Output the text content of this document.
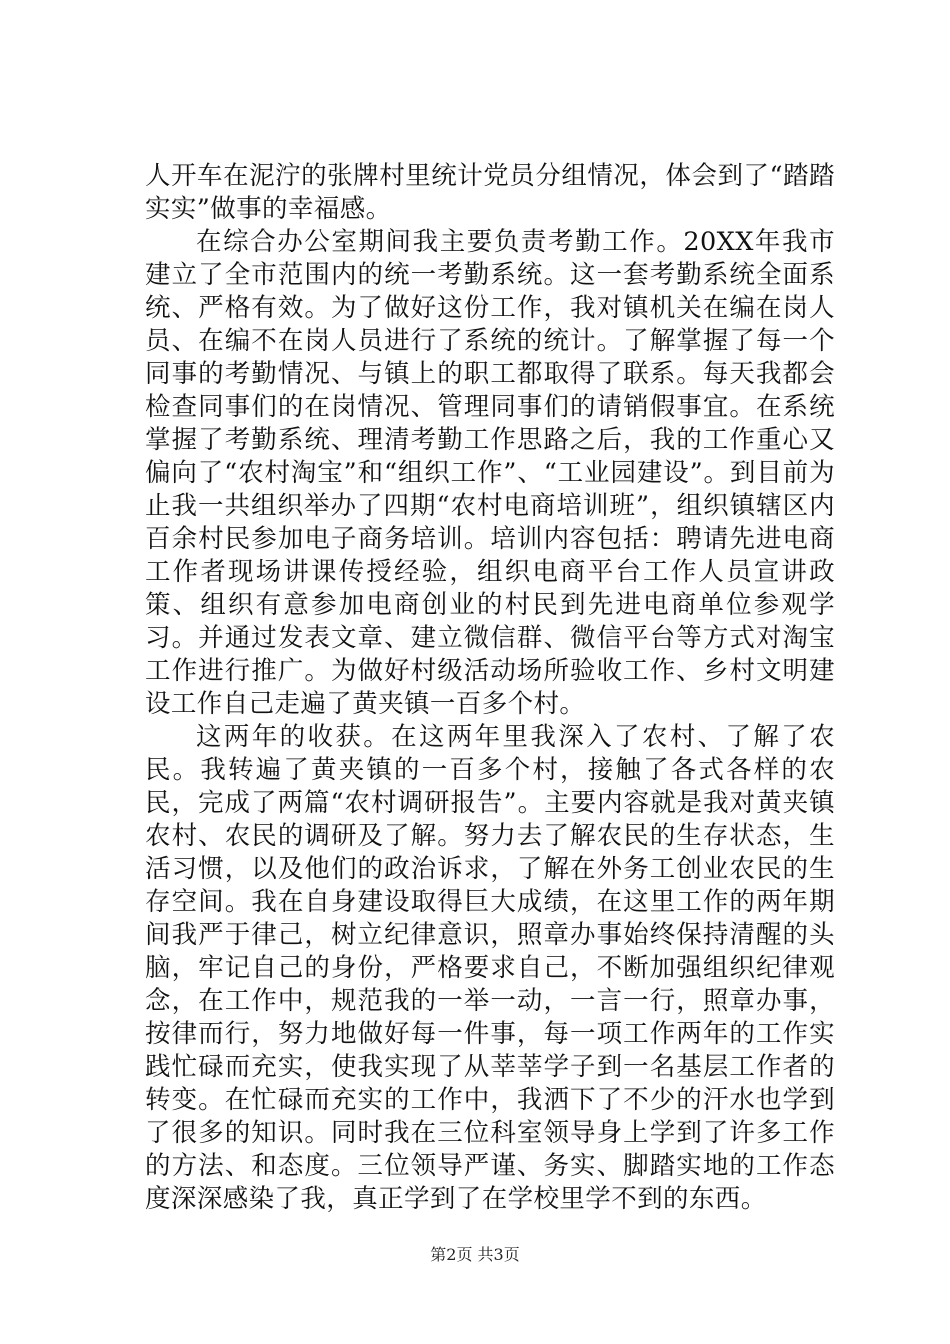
人开车在泥泞的张牌村里统计党员分组情况，体会到了“踏踏实实”做事的幸福感。

在综合办公室期间我主要负责考勤工作。20XX年我市建立了全市范围内的统一考勤系统。这一套考勤系统全面系统、严格有效。为了做好这份工作，我对镇机关在编在岗人员、在编不在岗人员进行了系统的统计。了解掌握了每一个同事的考勤情况、与镇上的职工都取得了联系。每天我都会检查同事们的在岗情况、管理同事们的请销假事宜。在系统掌握了考勤系统、理清考勤工作思路之后，我的工作重心又偏向了“农村淘宝”和“组织工作”、“工业园建设”。到目前为止我一共组织举办了四期“农村电商培训班”，组织镇辖区内百余村民参加电子商务培训。培训内容包括：聘请先进电商工作者现场讲课传授经验，组织电商平台工作人员宣讲政策、组织有意参加电商创业的村民到先进电商单位参观学习。并通过发表文章、建立微信群、微信平台等方式对淘宝工作进行推广。为做好村级活动场所验收工作、乡村文明建设工作自己走遍了黄夹镇一百多个村。

这两年的收获。在这两年里我深入了农村、了解了农民。我转遍了黄夹镇的一百多个村，接触了各式各样的农民，完成了两篇“农村调研报告”。主要内容就是我对黄夹镇农村、农民的调研及了解。努力去了解农民的生存状态，生活习惯，以及他们的政治诉求，了解在外务工创业农民的生存空间。我在自身建设取得巨大成绩，在这里工作的两年期间我严于律己，树立纪律意识，照章办事始终保持清醒的头脑，牢记自己的身份，严格要求自己，不断加强组织纪律观念，在工作中，规范我的一举一动，一言一行，照章办事，按律而行，努力地做好每一件事，每一项工作两年的工作实践忙碌而充实，使我实现了从莘莘学子到一名基层工作者的转变。在忙碌而充实的工作中，我洒下了不少的汗水也学到了很多的知识。同时我在三位科室领导身上学到了许多工作的方法、和态度。三位领导严谨、务实、脚踏实地的工作态度深深感染了我，真正学到了在学校里学不到的东西。

第2页 共3页
